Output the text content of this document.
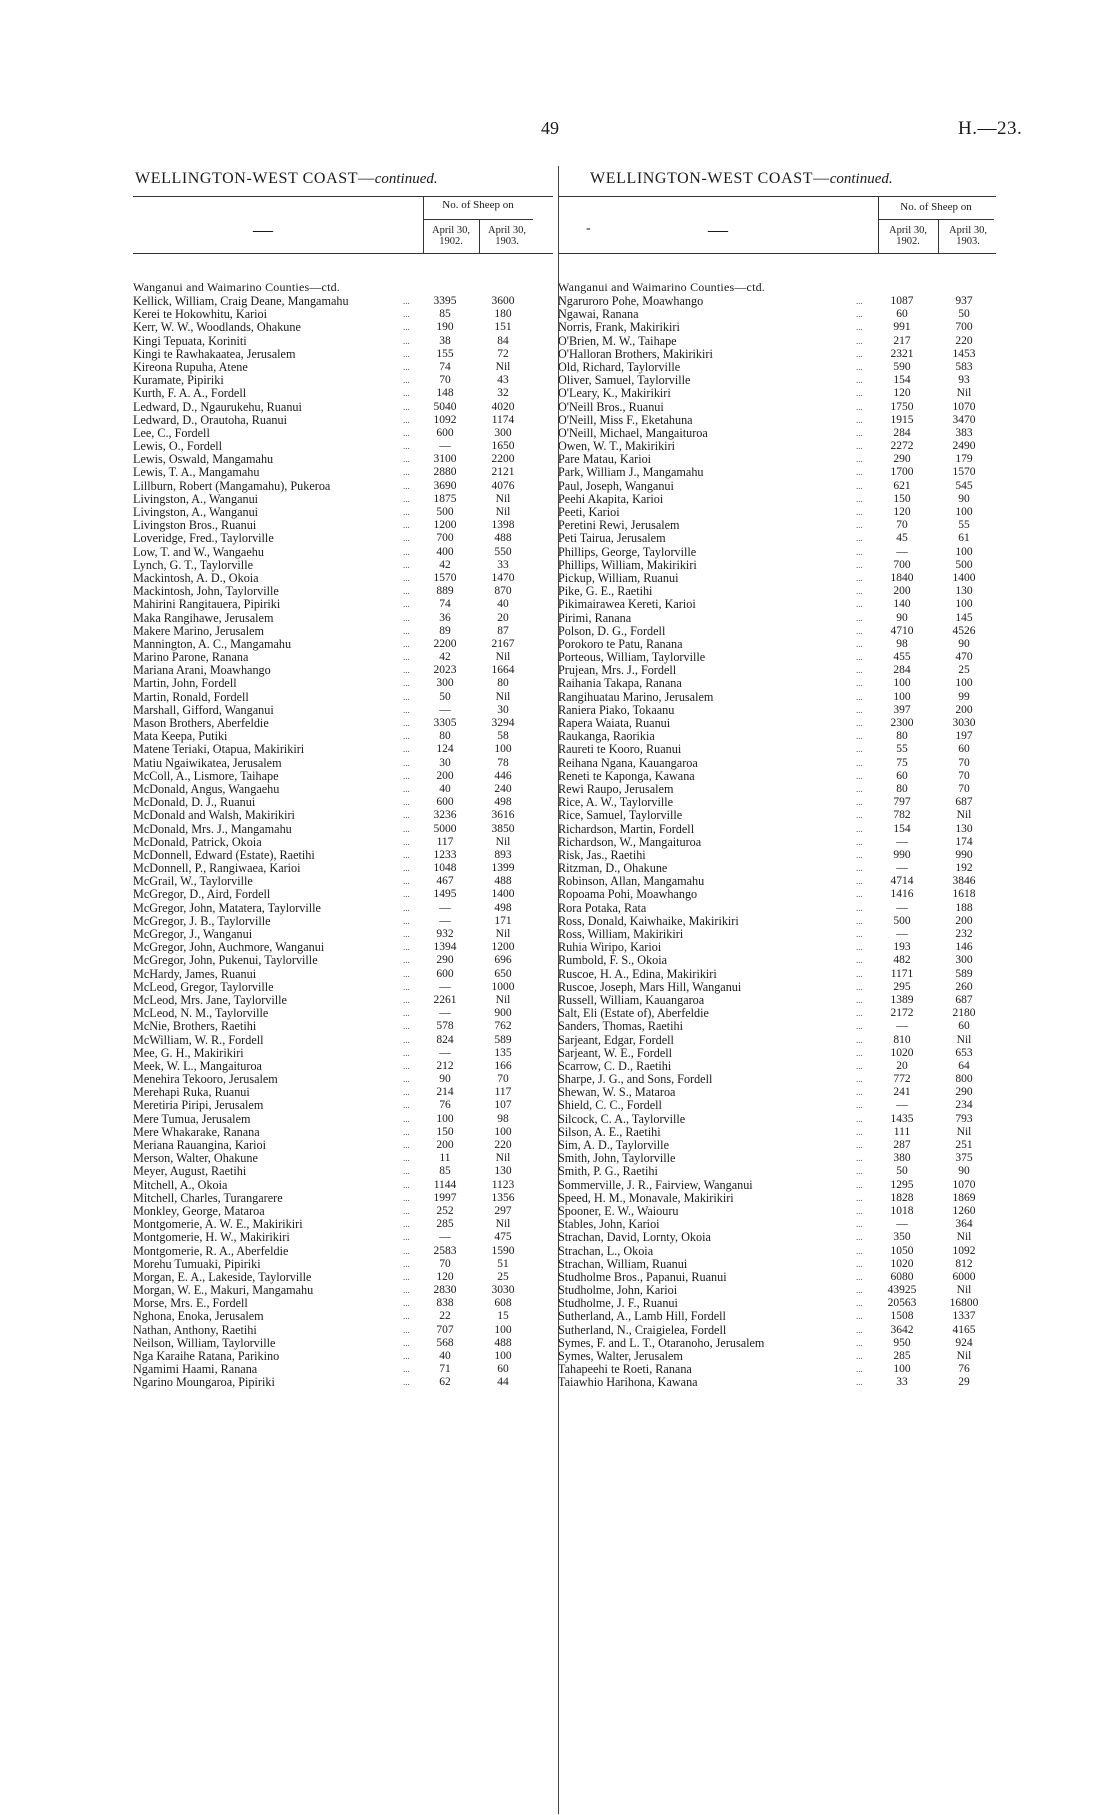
49	H.—23.
WELLINGTON-WEST COAST—continued.
—
No. of Sheep on
April 30, 1902.
April 30, 1903.
Wanganui and Waimarino Counties—ctd.
Kellick, William, Craig Deane, Mangamahu	3395	3600
...
Kerei te Hokowhitu, Karioi	85	180
...
Kerr, W. W., Woodlands, Ohakune	190	151
...
Kingi Tepuata, Koriniti	38	84
...
Kingi te Rawhakaatea, Jerusalem	155	72
...
Kireona Rupuha, Atene	74	Nil
...
Kuramate, Pipiriki	70	43
...
Kurth, F. A. A., Fordell	148	32
...
Ledward, D., Ngaurukehu, Ruanui	5040	4020
...
Ledward, D., Orautoha, Ruanui	1092	1174
...
Lee, C., Fordell	600	300
...
Lewis, O., Fordell	—	1650
...
Lewis, Oswald, Mangamahu	3100	2200
...
Lewis, T. A., Mangamahu	2880	2121
...
Lillburn, Robert (Mangamahu), Pukeroa	3690	4076
...
Livingston, A., Wanganui	1875	Nil
...
Livingston, A., Wanganui	500	Nil
...
Livingston Bros., Ruanui	1200	1398
...
Loveridge, Fred., Taylorville	700	488
...
Low, T. and W., Wangaehu	400	550
...
Lynch, G. T., Taylorville	42	33
...
Mackintosh, A. D., Okoia	1570	1470
...
Mackintosh, John, Taylorville	889	870
...
Mahirini Rangitauera, Pipiriki	74	40
...
Maka Rangihawe, Jerusalem	36	20
...
Makere Marino, Jerusalem	89	87
...
Mannington, A. C., Mangamahu	2200	2167
...
Marino Parone, Ranana	42	Nil
...
Mariana Arani, Moawhango	2023	1664
...
Martin, John, Fordell	300	80
...
Martin, Ronald, Fordell	50	Nil
...
Marshall, Gifford, Wanganui	—	30
...
Mason Brothers, Aberfeldie	3305	3294
...
Mata Keepa, Putiki	80	58
...
Matene Teriaki, Otapua, Makirikiri	124	100
...
Matiu Ngaiwikatea, Jerusalem	30	78
...
McColl, A., Lismore, Taihape	200	446
...
McDonald, Angus, Wangaehu	40	240
...
McDonald, D. J., Ruanui	600	498
...
McDonald and Walsh, Makirikiri	3236	3616
...
McDonald, Mrs. J., Mangamahu	5000	3850
...
McDonald, Patrick, Okoia	117	Nil
...
McDonnell, Edward (Estate), Raetihi	1233	893
...
McDonnell, P., Rangiwaea, Karioi	1048	1399
...
McGrail, W., Taylorville	467	488
...
McGregor, D., Aird, Fordell	1495	1400
...
McGregor, John, Matatera, Taylorville	—	498
...
McGregor, J. B., Taylorville	—	171
...
McGregor, J., Wanganui	932	Nil
...
McGregor, John, Auchmore, Wanganui	1394	1200
...
McGregor, John, Pukenui, Taylorville	290	696
...
McHardy, James, Ruanui	600	650
...
McLeod, Gregor, Taylorville	—	1000
...
McLeod, Mrs. Jane, Taylorville	2261	Nil
...
McLeod, N. M., Taylorville	—	900
...
McNie, Brothers, Raetihi	578	762
...
McWilliam, W. R., Fordell	824	589
...
Mee, G. H., Makirikiri	—	135
...
Meek, W. L., Mangaituroa	212	166
...
Menehira Tekooro, Jerusalem	90	70
...
Merehapi Ruka, Ruanui	214	117
...
Meretiria Piripi, Jerusalem	76	107
...
Mere Tumua, Jerusalem	100	98
...
Mere Whakarake, Ranana	150	100
...
Meriana Rauangina, Karioi	200	220
...
Merson, Walter, Ohakune	11	Nil
...
Meyer, August, Raetihi	85	130
...
Mitchell, A., Okoia	1144	1123
...
Mitchell, Charles, Turangarere	1997	1356
...
Monkley, George, Mataroa	252	297
...
Montgomerie, A. W. E., Makirikiri	285	Nil
...
Montgomerie, H. W., Makirikiri	—	475
...
Montgomerie, R. A., Aberfeldie	2583	1590
...
Morehu Tumuaki, Pipiriki	70	51
...
Morgan, E. A., Lakeside, Taylorville	120	25
...
Morgan, W. E., Makuri, Mangamahu	2830	3030
...
Morse, Mrs. E., Fordell	838	608
...
Nghona, Enoka, Jerusalem	22	15
...
Nathan, Anthony, Raetihi	707	100
...
Neilson, William, Taylorville	568	488
...
Nga Karaihe Ratana, Parikino	40	100
...
Ngamimi Haami, Ranana	71	60
...
Ngarino Moungaroa, Pipiriki	62	44
...
WELLINGTON-WEST COAST—continued.
-	—
No. of Sheep on
April 30, 1902.
April 30, 1903.
Wanganui and Waimarino Counties—ctd.
Ngaruroro Pohe, Moawhango	1087	937
...
Ngawai, Ranana	60	50
...
Norris, Frank, Makirikiri	991	700
...
O'Brien, M. W., Taihape	217	220
...
O'Halloran Brothers, Makirikiri	2321	1453
...
Old, Richard, Taylorville	590	583
...
Oliver, Samuel, Taylorville	154	93
...
O'Leary, K., Makirikiri	120	Nil
...
O'Neill Bros., Ruanui	1750	1070
...
O'Neill, Miss F., Eketahuna	1915	3470
...
O'Neill, Michael, Mangaituroa	284	383
...
Owen, W. T., Makirikiri	2272	2490
...
Pare Matau, Karioi	290	179
...
Park, William J., Mangamahu	1700	1570
...
Paul, Joseph, Wanganui	621	545
...
Peehi Akapita, Karioi	150	90
...
Peeti, Karioi	120	100
...
Peretini Rewi, Jerusalem	70	55
...
Peti Tairua, Jerusalem	45	61
...
Phillips, George, Taylorville	—	100
...
Phillips, William, Makirikiri	700	500
...
Pickup, William, Ruanui	1840	1400
...
Pike, G. E., Raetihi	200	130
...
Pikimairawea Kereti, Karioi	140	100
...
Pirimi, Ranana	90	145
...
Polson, D. G., Fordell	4710	4526
...
Porokoro te Patu, Ranana	98	90
...
Porteous, William, Taylorville	455	470
...
Prujean, Mrs. J., Fordell	284	25
...
Raihania Takapa, Ranana	100	100
...
Rangihuatau Marino, Jerusalem	100	99
...
Raniera Piako, Tokaanu	397	200
...
Rapera Waiata, Ruanui	2300	3030
...
Raukanga, Raorikia	80	197
...
Raureti te Kooro, Ruanui	55	60
...
Reihana Ngana, Kauangaroa	75	70
...
Reneti te Kaponga, Kawana	60	70
...
Rewi Raupo, Jerusalem	80	70
...
Rice, A. W., Taylorville	797	687
...
Rice, Samuel, Taylorville	782	Nil
...
Richardson, Martin, Fordell	154	130
...
Richardson, W., Mangaituroa	—	174
...
Risk, Jas., Raetihi	990	990
...
Ritzman, D., Ohakune	—	192
...
Robinson, Allan, Mangamahu	4714	3846
...
Ropoama Pohi, Moawhango	1416	1618
...
Rora Potaka, Rata	—	188
...
Ross, Donald, Kaiwhaike, Makirikiri	500	200
...
Ross, William, Makirikiri	—	232
...
Ruhia Wiripo, Karioi	193	146
...
Rumbold, F. S., Okoia	482	300
...
Ruscoe, H. A., Edina, Makirikiri	1171	589
...
Ruscoe, Joseph, Mars Hill, Wanganui	295	260
...
Russell, William, Kauangaroa	1389	687
...
Salt, Eli (Estate of), Aberfeldie	2172	2180
...
Sanders, Thomas, Raetihi	—	60
...
Sarjeant, Edgar, Fordell	810	Nil
...
Sarjeant, W. E., Fordell	1020	653
...
Scarrow, C. D., Raetihi	20	64
...
Sharpe, J. G., and Sons, Fordell	772	800
...
Shewan, W. S., Mataroa	241	290
...
Shield, C. C., Fordell	—	234
...
Silcock, C. A., Taylorville	1435	793
...
Silson, A. E., Raetihi	111	Nil
...
Sim, A. D., Taylorville	287	251
...
Smith, John, Taylorville	380	375
...
Smith, P. G., Raetihi	50	90
...
Sommerville, J. R., Fairview, Wanganui	1295	1070
...
Speed, H. M., Monavale, Makirikiri	1828	1869
...
Spooner, E. W., Waiouru	1018	1260
...
Stables, John, Karioi	—	364
...
Strachan, David, Lornty, Okoia	350	Nil
...
Strachan, L., Okoia	1050	1092
...
Strachan, William, Ruanui	1020	812
...
Studholme Bros., Papanui, Ruanui	6080	6000
...
Studholme, John, Karioi	43925	Nil
...
Studholme, J. F., Ruanui	20563	16800
...
Sutherland, A., Lamb Hill, Fordell	1508	1337
...
Sutherland, N., Craigielea, Fordell	3642	4165
...
Symes, F. and L. T., Otaranoho, Jerusalem	950	924
...
Symes, Walter, Jerusalem	285	Nil
...
Tahapeehi te Roeti, Ranana	100	76
...
Taiawhio Harihona, Kawana	33	29
...
